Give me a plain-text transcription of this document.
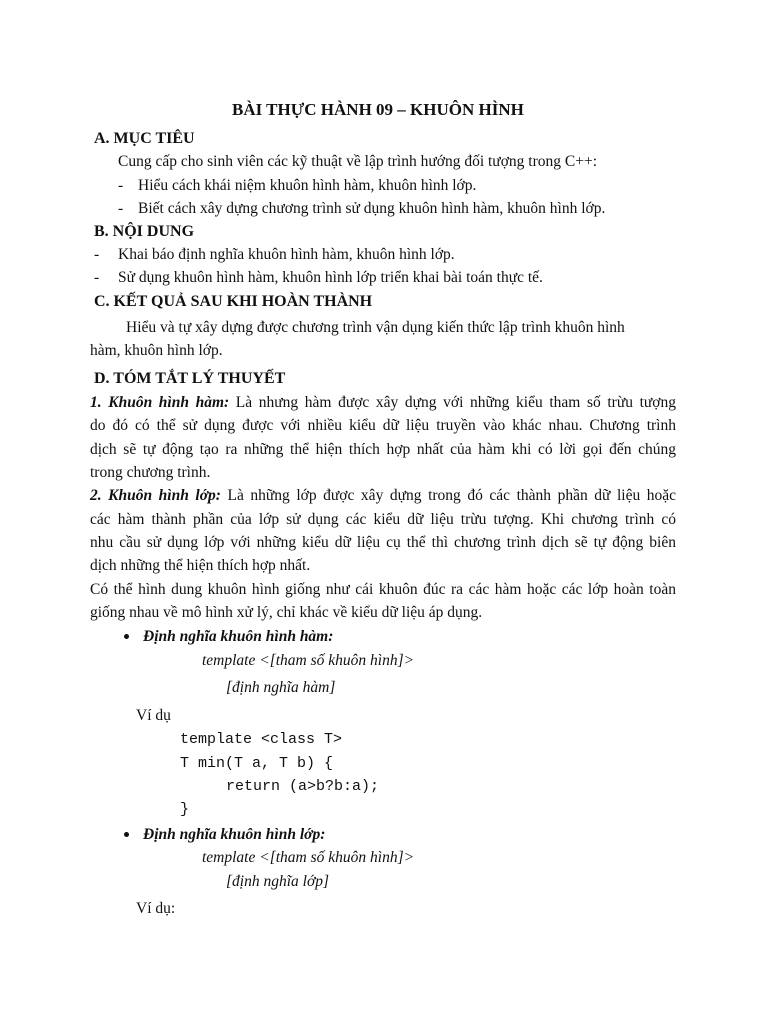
BÀI THỰC HÀNH 09 – KHUÔN HÌNH
A. MỤC TIÊU
Cung cấp cho sinh viên các kỹ thuật về lập trình hướng đối tượng trong C++:
- Hiểu cách khái niệm khuôn hình hàm, khuôn hình lớp.
- Biết cách xây dựng chương trình sử dụng khuôn hình hàm, khuôn hình lớp.
B. NỘI DUNG
- Khai báo định nghĩa khuôn hình hàm, khuôn hình lớp.
- Sử dụng khuôn hình hàm, khuôn hình lớp triển khai bài toán thực tế.
C. KẾT QUẢ SAU KHI HOÀN THÀNH
Hiểu và tự xây dựng được chương trình vận dụng kiến thức lập trình khuôn hình
hàm, khuôn hình lớp.
D. TÓM TẮT LÝ THUYẾT
1. Khuôn hình hàm: Là nhưng hàm được xây dựng với những kiểu tham số trừu tượng
do đó có thể sử dụng được với nhiều kiểu dữ liệu truyền vào khác nhau. Chương trình
dịch sẽ tự động tạo ra những thể hiện thích hợp nhất của hàm khi có lời gọi đến chúng
trong chương trình.
2. Khuôn hình lớp: Là những lớp được xây dựng trong đó các thành phần dữ liệu hoặc
các hàm thành phần của lớp sử dụng các kiểu dữ liệu trừu tượng. Khi chương trình có
nhu cầu sử dụng lớp với những kiểu dữ liệu cụ thể thì chương trình dịch sẽ tự động biên
dịch những thể hiện thích hợp nhất.
Có thể hình dung khuôn hình giống như cái khuôn đúc ra các hàm hoặc các lớp hoàn toàn
giống nhau về mô hình xử lý, chỉ khác về kiểu dữ liệu áp dụng.
Định nghĩa khuôn hình hàm:
template <[tham số khuôn hình]>
[định nghĩa hàm]
Ví dụ
template <class T>
T min(T a, T b) {
return (a>b?b:a);
}
Định nghĩa khuôn hình lớp:
template <[tham số khuôn hình]>
[định nghĩa lớp]
Ví dụ:
